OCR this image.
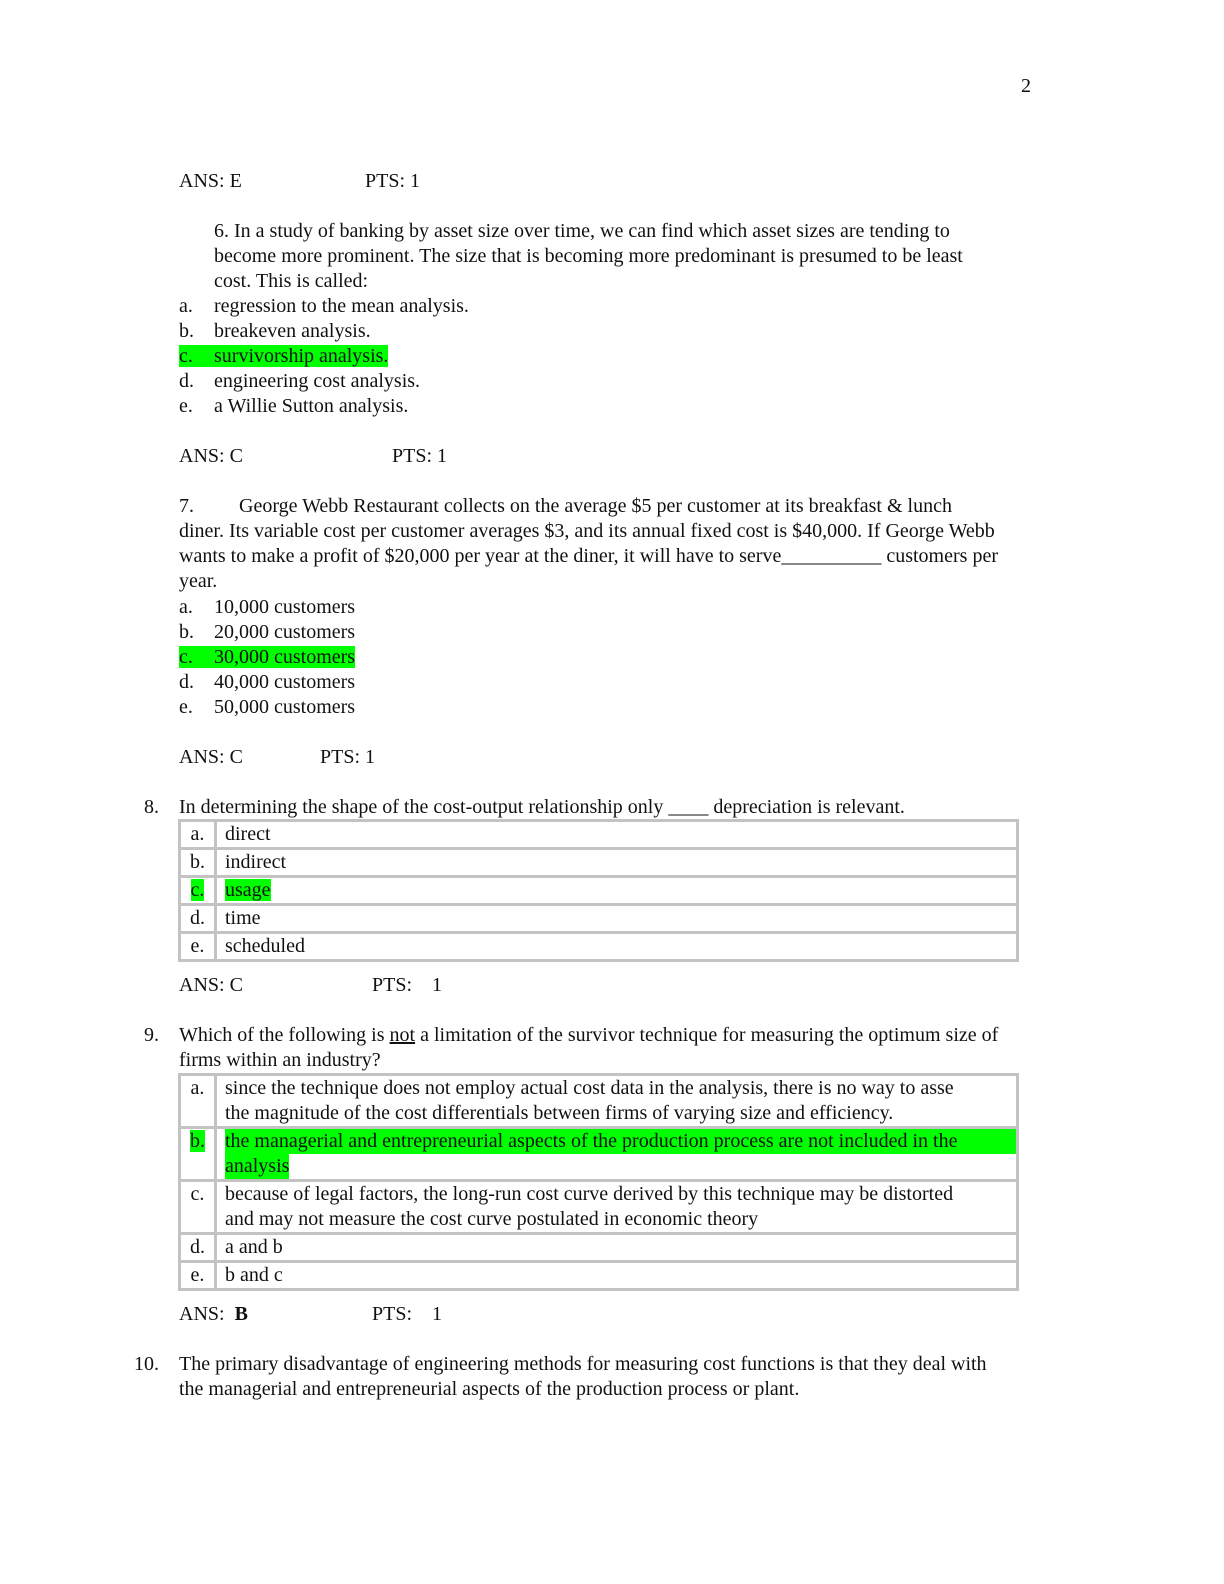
2
ANS: E	PTS: 1

6. In a study of banking by asset size over time, we can find which asset sizes are tending to

become more prominent. The size that is becoming more predominant is presumed to be least

cost. This is called:

a. regression to the mean analysis.
b. breakeven analysis.
c. survivorship analysis.
d. engineering cost analysis.
e. a Willie Sutton analysis.
ANS: C	PTS: 1

7.         George Webb Restaurant collects on the average $5 per customer at its breakfast & lunch

diner. Its variable cost per customer averages $3, and its annual fixed cost is $40,000. If George Webb

wants to make a profit of $20,000 per year at the diner, it will have to serve__________ customers per

year.

a. 10,000 customers
b. 20,000 customers
c. 30,000 customers
d. 40,000 customers
e. 50,000 customers
ANS: C	PTS: 1
8. In determining the shape of the cost-output relationship only ____ depreciation is relevant.
a.	direct
b.	indirect
c.	usage
d.	time
e.	scheduled
ANS: C	PTS:    1
9. Which of the following is not a limitation of the survivor technique for measuring the optimum size of
firms within an industry?
a.	since the technique does not employ actual cost data in the analysis, there is no way to asse
the magnitude of the cost differentials between firms of varying size and efficiency.

b.	the managerial and entrepreneurial aspects of the production process are not included in the
analysis
c.	because of legal factors, the long-run cost curve derived by this technique may be distorted
and may not measure the cost curve postulated in economic theory

d.	a and b
e.	b and c
ANS:  B	PTS:    1
10. The primary disadvantage of engineering methods for measuring cost functions is that they deal with
the managerial and entrepreneurial aspects of the production process or plant.
